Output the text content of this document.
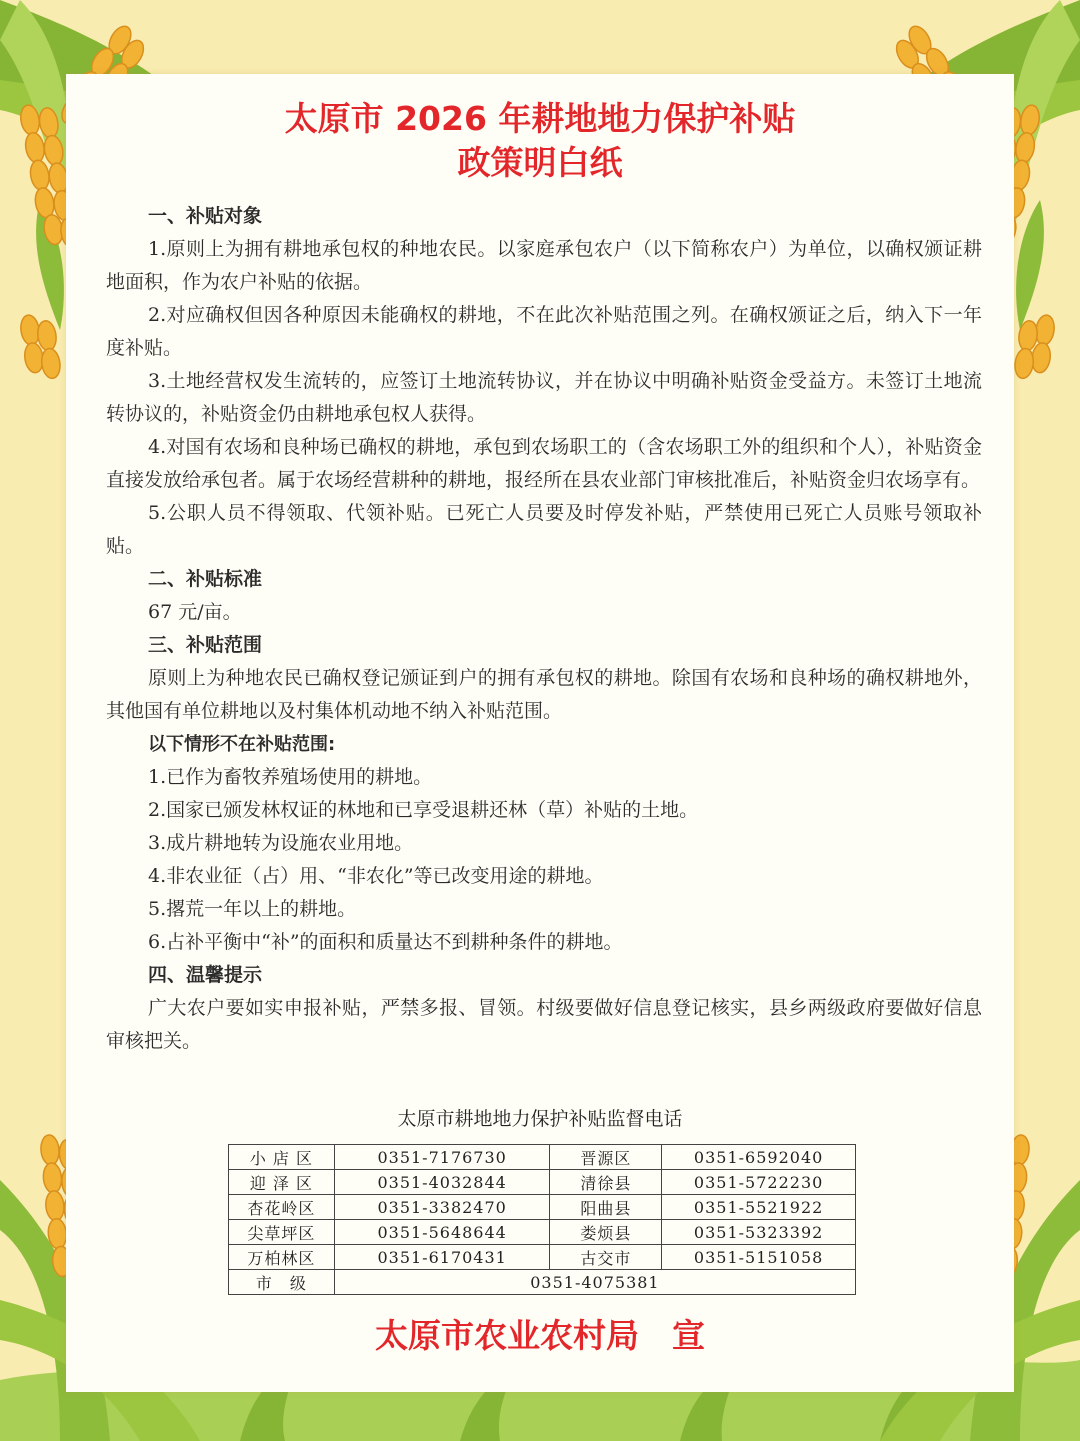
太原市 2026 年耕地地力保护补贴
政策明白纸

一、补贴对象

1.原则上为拥有耕地承包权的种地农民。以家庭承包农户（以下简称农户）为单位，以确权颁证耕地面积，作为农户补贴的依据。

2.对应确权但因各种原因未能确权的耕地，不在此次补贴范围之列。在确权颁证之后，纳入下一年度补贴。

3.土地经营权发生流转的，应签订土地流转协议，并在协议中明确补贴资金受益方。未签订土地流转协议的，补贴资金仍由耕地承包权人获得。

4.对国有农场和良种场已确权的耕地，承包到农场职工的（含农场职工外的组织和个人），补贴资金直接发放给承包者。属于农场经营耕种的耕地，报经所在县农业部门审核批准后，补贴资金归农场享有。

5.公职人员不得领取、代领补贴。已死亡人员要及时停发补贴，严禁使用已死亡人员账号领取补贴。

二、补贴标准

67 元/亩。

三、补贴范围

原则上为种地农民已确权登记颁证到户的拥有承包权的耕地。除国有农场和良种场的确权耕地外，其他国有单位耕地以及村集体机动地不纳入补贴范围。

以下情形不在补贴范围:

1.已作为畜牧养殖场使用的耕地。

2.国家已颁发林权证的林地和已享受退耕还林（草）补贴的土地。

3.成片耕地转为设施农业用地。

4.非农业征（占）用、“非农化”等已改变用途的耕地。

5.撂荒一年以上的耕地。

6.占补平衡中“补”的面积和质量达不到耕种条件的耕地。

四、温馨提示

广大农户要如实申报补贴，严禁多报、冒领。村级要做好信息登记核实，县乡两级政府要做好信息审核把关。

太原市耕地地力保护补贴监督电话

小 店 区	0351-7176730	晋源区	0351-6592040
迎 泽 区	0351-4032844	清徐县	0351-5722230
杏花岭区	0351-3382470	阳曲县	0351-5521922
尖草坪区	0351-5648644	娄烦县	0351-5323392
万柏林区	0351-6170431	古交市	0351-5151058
市　级	0351-4075381		

太原市农业农村局　宣
